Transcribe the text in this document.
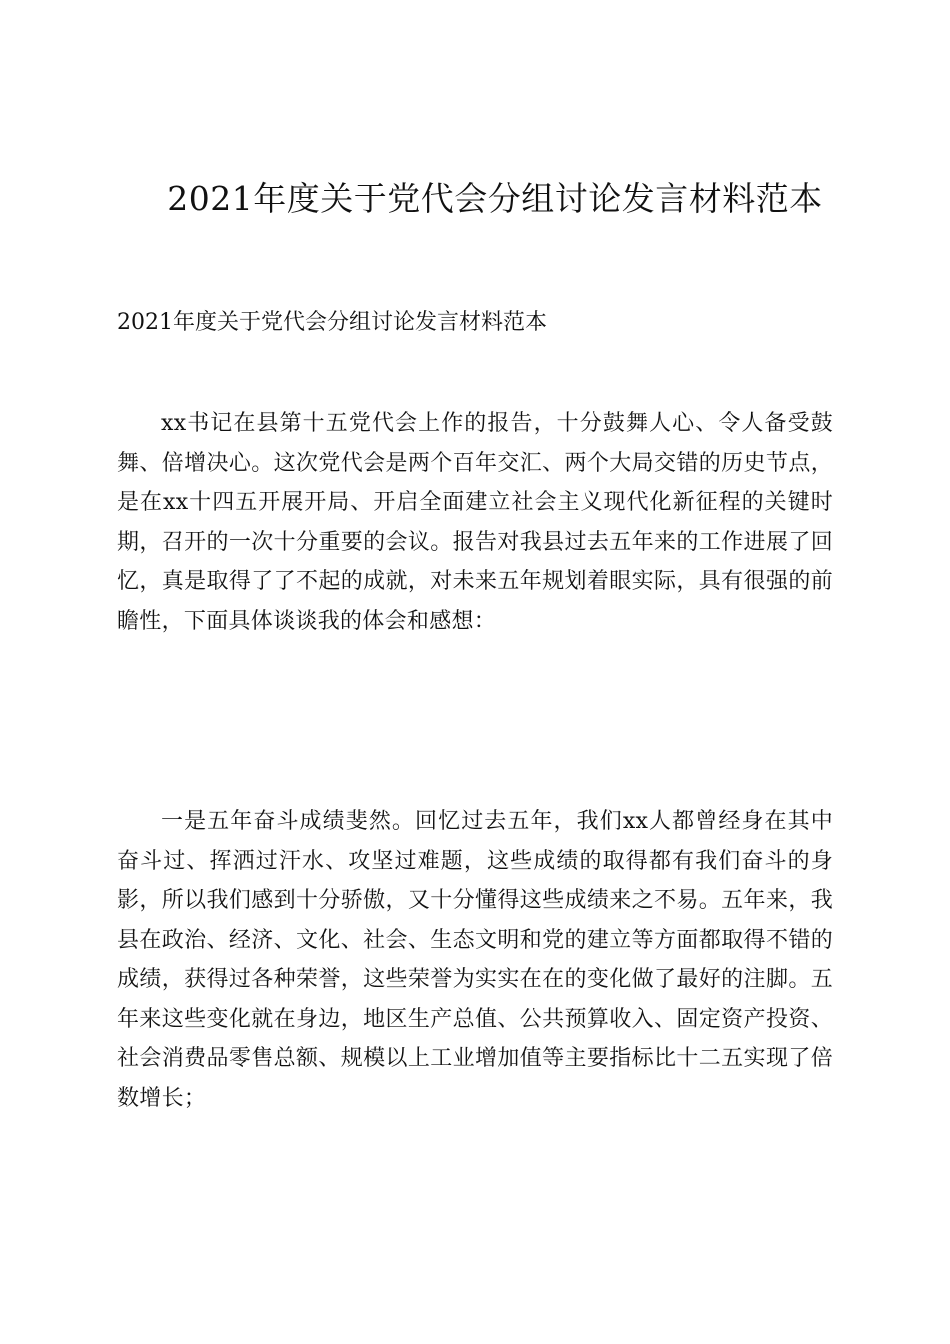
2021年度关于党代会分组讨论发言材料范本

2021年度关于党代会分组讨论发言材料范本

xx书记在县第十五党代会上作的报告，十分鼓舞人心、令人备受鼓舞、倍增决心。这次党代会是两个百年交汇、两个大局交错的历史节点，是在xx十四五开展开局、开启全面建立社会主义现代化新征程的关键时期，召开的一次十分重要的会议。报告对我县过去五年来的工作进展了回忆，真是取得了了不起的成就，对未来五年规划着眼实际，具有很强的前瞻性，下面具体谈谈我的体会和感想：

一是五年奋斗成绩斐然。回忆过去五年，我们xx人都曾经身在其中奋斗过、挥洒过汗水、攻坚过难题，这些成绩的取得都有我们奋斗的身影，所以我们感到十分骄傲，又十分懂得这些成绩来之不易。五年来，我县在政治、经济、文化、社会、生态文明和党的建立等方面都取得不错的成绩，获得过各种荣誉，这些荣誉为实实在在的变化做了最好的注脚。五年来这些变化就在身边，地区生产总值、公共预算收入、固定资产投资、社会消费品零售总额、规模以上工业增加值等主要指标比十二五实现了倍数增长；
